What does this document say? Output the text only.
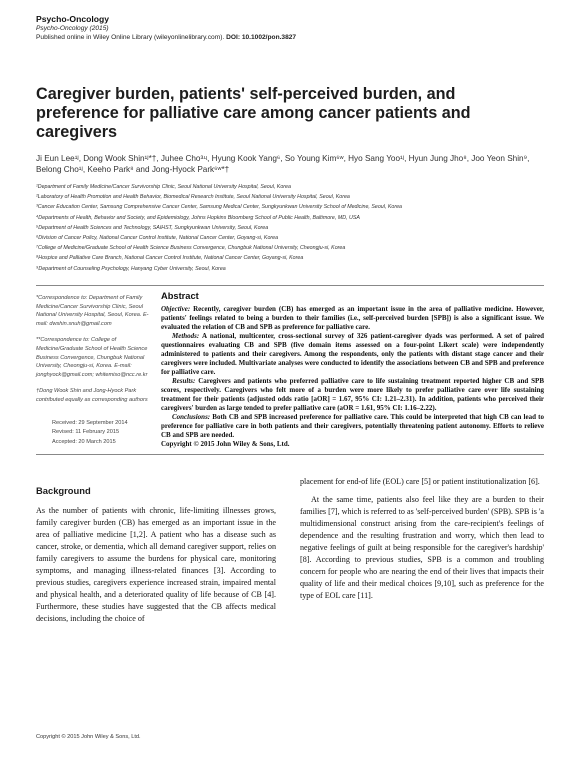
Psycho-Oncology
Psycho-Oncology (2015)
Published online in Wiley Online Library (wileyonlinelibrary.com). DOI: 10.1002/pon.3827
Caregiver burden, patients' self-perceived burden, and preference for palliative care among cancer patients and caregivers
Ji Eun Lee¹ʲ, Dong Wook Shin¹ʲ*†, Juhee Cho³ʴʵ, Hyung Kook Yang⁶, So Young Kim⁶ʷ, Hyo Sang Yoo¹ʲ, Hyun Jung Jho⁸, Joo Yeon Shin⁹, Belong Cho¹ʲ, Keeho Park⁸ and Jong-Hyock Park⁶ʷ*†
¹Department of Family Medicine/Cancer Survivorship Clinic, Seoul National University Hospital, Seoul, Korea
²Laboratory of Health Promotion and Health Behavior, Biomedical Research Institute, Seoul National University Hospital, Seoul, Korea
³Cancer Education Center, Samsung Comprehensive Cancer Center, Samsung Medical Center, Sungkyunkwan University School of Medicine, Seoul, Korea
⁴Departments of Health, Behavior and Society, and Epidemiology, Johns Hopkins Bloomberg School of Public Health, Baltimore, MD, USA
⁵Department of Health Sciences and Technology, SAIHST, Sungkyunkwan University, Seoul, Korea
⁶Division of Cancer Policy, National Cancer Control Institute, National Cancer Center, Goyang-si, Korea
⁷College of Medicine/Graduate School of Health Science Business Convergence, Chungbuk National University, Cheongju-si, Korea
⁸Hospice and Palliative Care Branch, National Cancer Control Institute, National Cancer Center, Goyang-si, Korea
⁹Department of Counseling Psychology, Hanyang Cyber University, Seoul, Korea
*Correspondence to: Department of Family Medicine/Cancer Survivorship Clinic, Seoul National University Hospital, Seoul, Korea. E-mail: dwshin.snuh@gmail.com
**Correspondence to: College of Medicine/Graduate School of Health Science Business Convergence, Chungbuk National University, Cheongju-si, Korea. E-mail: jonghyock@gmail.com; whitemiso@ncc.re.kr
†Dong Wook Shin and Jong-Hyock Park contributed equally as corresponding authors
Received: 29 September 2014
Revised: 11 February 2015
Accepted: 20 March 2015
Abstract

Objective: Recently, caregiver burden (CB) has emerged as an important issue in the area of palliative medicine. However, patients' feelings related to being a burden to their families (i.e., self-perceived burden [SPB]) is also a significant issue. We evaluated the relation of CB and SPB as preference for palliative care.

Methods: A national, multicenter, cross-sectional survey of 326 patient-caregiver dyads was performed. A set of paired questionnaires evaluating CB and SPB (five domain items assessed on a four-point Likert scale) were independently administered to patients and their caregivers. Among the respondents, only the patients with distant stage cancer and their caregivers were included. Multivariate analyses were conducted to identify the associations between CB and SPB and preference for palliative care.

Results: Caregivers and patients who preferred palliative care to life sustaining treatment reported higher CB and SPB scores, respectively. Caregivers who felt more of a burden were more likely to prefer palliative care over life sustaining treatment for their patients (adjusted odds ratio [aOR] = 1.67, 95% CI: 1.21–2.31). In addition, patients who perceived their caregivers' burden as large tended to prefer palliative care (aOR = 1.61, 95% CI: 1.16–2.22).

Conclusions: Both CB and SPB increased preference for palliative care. This could be interpreted that high CB can lead to preference for palliative care in both patients and their caregivers, potentially threatening patient autonomy. Efforts to relieve CB and SPB are needed.

Copyright © 2015 John Wiley & Sons, Ltd.

Background

As the number of patients with chronic, life-limiting illnesses grows, family caregiver burden (CB) has emerged as an important issue in the area of palliative medicine [1,2]. A patient who has a disease such as cancer, stroke, or dementia, which all demand caregiver support, relies on family caregivers to assume the burdens for physical care, monitoring symptoms, and managing illness-related finances [3]. According to previous studies, caregivers experience increased strain, impaired mental and physical health, and a deteriorated quality of life because of CB [4]. Furthermore, these studies have suggested that the CB affects medical decisions, including the choice of

placement for end-of life (EOL) care [5] or patient institutionalization [6].

At the same time, patients also feel like they are a burden to their families [7], which is referred to as 'self-perceived burden' (SPB). SPB is 'a multidimensional construct arising from the care-recipient's feelings of dependence and the resulting frustration and worry, which then lead to negative feelings of guilt at being responsible for the caregiver's hardship' [8]. According to previous studies, SPB is a common and troubling concern for people who are nearing the end of their lives that impacts their quality of life and their medical choices [9,10], such as preference for the type of EOL care [11].

Copyright © 2015 John Wiley & Sons, Ltd.
